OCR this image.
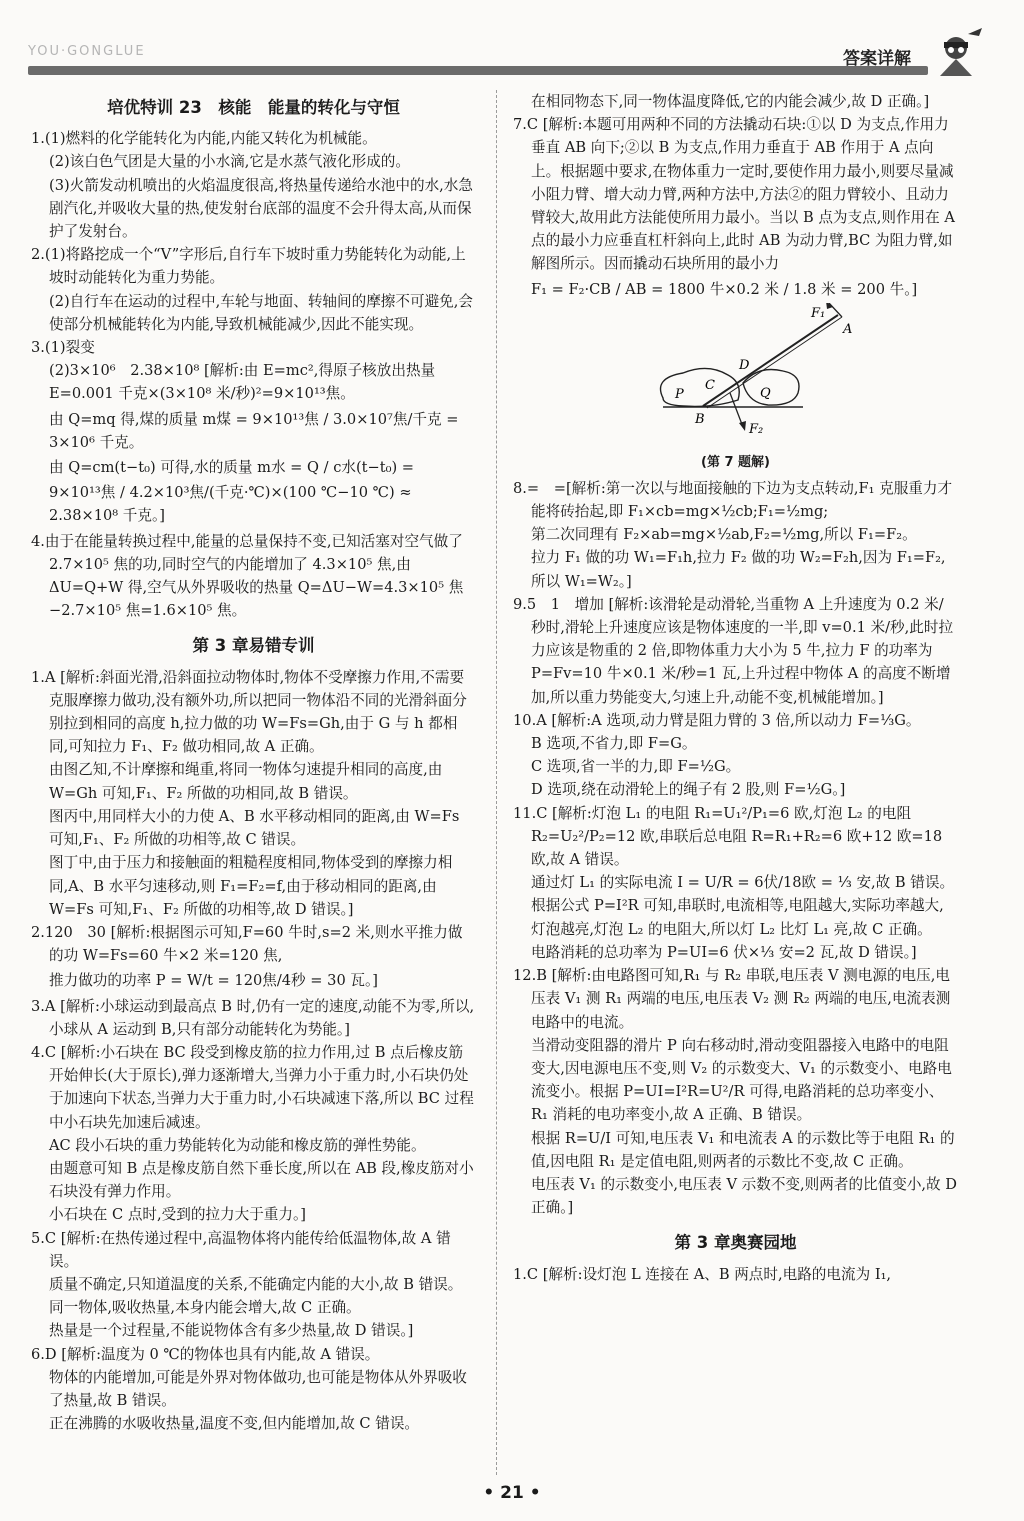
YOU·GONGLUE	答案详解
培优特训 23　核能　能量的转化与守恒

1.(1)燃料的化学能转化为内能,内能又转化为机械能。

(2)该白色气团是大量的小水滴,它是水蒸气液化形成的。

(3)火箭发动机喷出的火焰温度很高,将热量传递给水池中的水,水急剧汽化,并吸收大量的热,使发射台底部的温度不会升得太高,从而保护了发射台。

2.(1)将路挖成一个“V”字形后,自行车下坡时重力势能转化为动能,上坡时动能转化为重力势能。

(2)自行车在运动的过程中,车轮与地面、转轴间的摩擦不可避免,会使部分机械能转化为内能,导致机械能减少,因此不能实现。

3.(1)裂变

(2)3×10⁶　2.38×10⁸ [解析:由 E=mc²,得原子核放出热量 E=0.001 千克×(3×10⁸ 米/秒)²=9×10¹³焦。

由 Q=mq 得,煤的质量 m煤 = 9×10¹³焦 / 3.0×10⁷焦/千克 = 3×10⁶ 千克。

由 Q=cm(t−t₀) 可得,水的质量 m水 = Q / c水(t−t₀) =

9×10¹³焦 / 4.2×10³焦/(千克·℃)×(100 ℃−10 ℃) ≈ 2.38×10⁸ 千克。]

4.由于在能量转换过程中,能量的总量保持不变,已知活塞对空气做了 2.7×10⁵ 焦的功,同时空气的内能增加了 4.3×10⁵ 焦,由 ΔU=Q+W 得,空气从外界吸收的热量 Q=ΔU−W=4.3×10⁵ 焦−2.7×10⁵ 焦=1.6×10⁵ 焦。

第 3 章易错专训

1.A [解析:斜面光滑,沿斜面拉动物体时,物体不受摩擦力作用,不需要克服摩擦力做功,没有额外功,所以把同一物体沿不同的光滑斜面分别拉到相同的高度 h,拉力做的功 W=Fs=Gh,由于 G 与 h 都相同,可知拉力 F₁、F₂ 做功相同,故 A 正确。

由图乙知,不计摩擦和绳重,将同一物体匀速提升相同的高度,由 W=Gh 可知,F₁、F₂ 所做的功相同,故 B 错误。

图丙中,用同样大小的力使 A、B 水平移动相同的距离,由 W=Fs 可知,F₁、F₂ 所做的功相等,故 C 错误。

图丁中,由于压力和接触面的粗糙程度相同,物体受到的摩擦力相同,A、B 水平匀速移动,则 F₁=F₂=f,由于移动相同的距离,由 W=Fs 可知,F₁、F₂ 所做的功相等,故 D 错误。]

2.120　30 [解析:根据图示可知,F=60 牛时,s=2 米,则水平推力做的功 W=Fs=60 牛×2 米=120 焦,

推力做功的功率 P = W/t = 120焦/4秒 = 30 瓦。]

3.A [解析:小球运动到最高点 B 时,仍有一定的速度,动能不为零,所以,小球从 A 运动到 B,只有部分动能转化为势能。]

4.C [解析:小石块在 BC 段受到橡皮筋的拉力作用,过 B 点后橡皮筋开始伸长(大于原长),弹力逐渐增大,当弹力小于重力时,小石块仍处于加速向下状态,当弹力大于重力时,小石块减速下落,所以 BC 过程中小石块先加速后减速。

AC 段小石块的重力势能转化为动能和橡皮筋的弹性势能。

由题意可知 B 点是橡皮筋自然下垂长度,所以在 AB 段,橡皮筋对小石块没有弹力作用。

小石块在 C 点时,受到的拉力大于重力。]

5.C [解析:在热传递过程中,高温物体将内能传给低温物体,故 A 错误。

质量不确定,只知道温度的关系,不能确定内能的大小,故 B 错误。

同一物体,吸收热量,本身内能会增大,故 C 正确。

热量是一个过程量,不能说物体含有多少热量,故 D 错误。]

6.D [解析:温度为 0 ℃的物体也具有内能,故 A 错误。

物体的内能增加,可能是外界对物体做功,也可能是物体从外界吸收了热量,故 B 错误。

正在沸腾的水吸收热量,温度不变,但内能增加,故 C 错误。

在相同物态下,同一物体温度降低,它的内能会减少,故 D 正确。]

7.C [解析:本题可用两种不同的方法撬动石块:①以 D 为支点,作用力垂直 AB 向下;②以 B 为支点,作用力垂直于 AB 作用于 A 点向上。根据题中要求,在物体重力一定时,要使作用力最小,则要尽量减小阻力臂、增大动力臂,两种方法中,方法②的阻力臂较小、且动力臂较大,故用此方法能使所用力最小。当以 B 点为支点,则作用在 A 点的最小力应垂直杠杆斜向上,此时 AB 为动力臂,BC 为阻力臂,如解图所示。因而撬动石块所用的最小力

F₁ = F₂·CB / AB = 1800 牛×0.2 米 / 1.8 米 = 200 牛。]

F₁
A
D
C
P	Q
B
F₂
(第 7 题解)

8.=　=[解析:第一次以与地面接触的下边为支点转动,F₁ 克服重力才能将砖抬起,即 F₁×cb=mg×½cb;F₁=½mg;

第二次同理有 F₂×ab=mg×½ab,F₂=½mg,所以 F₁=F₂。

拉力 F₁ 做的功 W₁=F₁h,拉力 F₂ 做的功 W₂=F₂h,因为 F₁=F₂,所以 W₁=W₂。]

9.5　1　增加 [解析:该滑轮是动滑轮,当重物 A 上升速度为 0.2 米/秒时,滑轮上升速度应该是物体速度的一半,即 v=0.1 米/秒,此时拉力应该是物重的 2 倍,即物体重力大小为 5 牛,拉力 F 的功率为 P=Fv=10 牛×0.1 米/秒=1 瓦,上升过程中物体 A 的高度不断增加,所以重力势能变大,匀速上升,动能不变,机械能增加。]

10.A [解析:A 选项,动力臂是阻力臂的 3 倍,所以动力 F=⅓G。

B 选项,不省力,即 F=G。

C 选项,省一半的力,即 F=½G。

D 选项,绕在动滑轮上的绳子有 2 股,则 F=½G。]

11.C [解析:灯泡 L₁ 的电阻 R₁=U₁²/P₁=6 欧,灯泡 L₂ 的电阻 R₂=U₂²/P₂=12 欧,串联后总电阻 R=R₁+R₂=6 欧+12 欧=18 欧,故 A 错误。

通过灯 L₁ 的实际电流 I = U/R = 6伏/18欧 = ⅓ 安,故 B 错误。

根据公式 P=I²R 可知,串联时,电流相等,电阻越大,实际功率越大,灯泡越亮,灯泡 L₂ 的电阻大,所以灯 L₂ 比灯 L₁ 亮,故 C 正确。

电路消耗的总功率为 P=UI=6 伏×⅓ 安=2 瓦,故 D 错误。]

12.B [解析:由电路图可知,R₁ 与 R₂ 串联,电压表 V 测电源的电压,电压表 V₁ 测 R₁ 两端的电压,电压表 V₂ 测 R₂ 两端的电压,电流表测电路中的电流。

当滑动变阻器的滑片 P 向右移动时,滑动变阻器接入电路中的电阻变大,因电源电压不变,则 V₂ 的示数变大、V₁ 的示数变小、电路电流变小。根据 P=UI=I²R=U²/R 可得,电路消耗的总功率变小、R₁ 消耗的电功率变小,故 A 正确、B 错误。

根据 R=U/I 可知,电压表 V₁ 和电流表 A 的示数比等于电阻 R₁ 的值,因电阻 R₁ 是定值电阻,则两者的示数比不变,故 C 正确。

电压表 V₁ 的示数变小,电压表 V 示数不变,则两者的比值变小,故 D 正确。]

第 3 章奥赛园地

1.C [解析:设灯泡 L 连接在 A、B 两点时,电路的电流为 I₁,

• 21 •
